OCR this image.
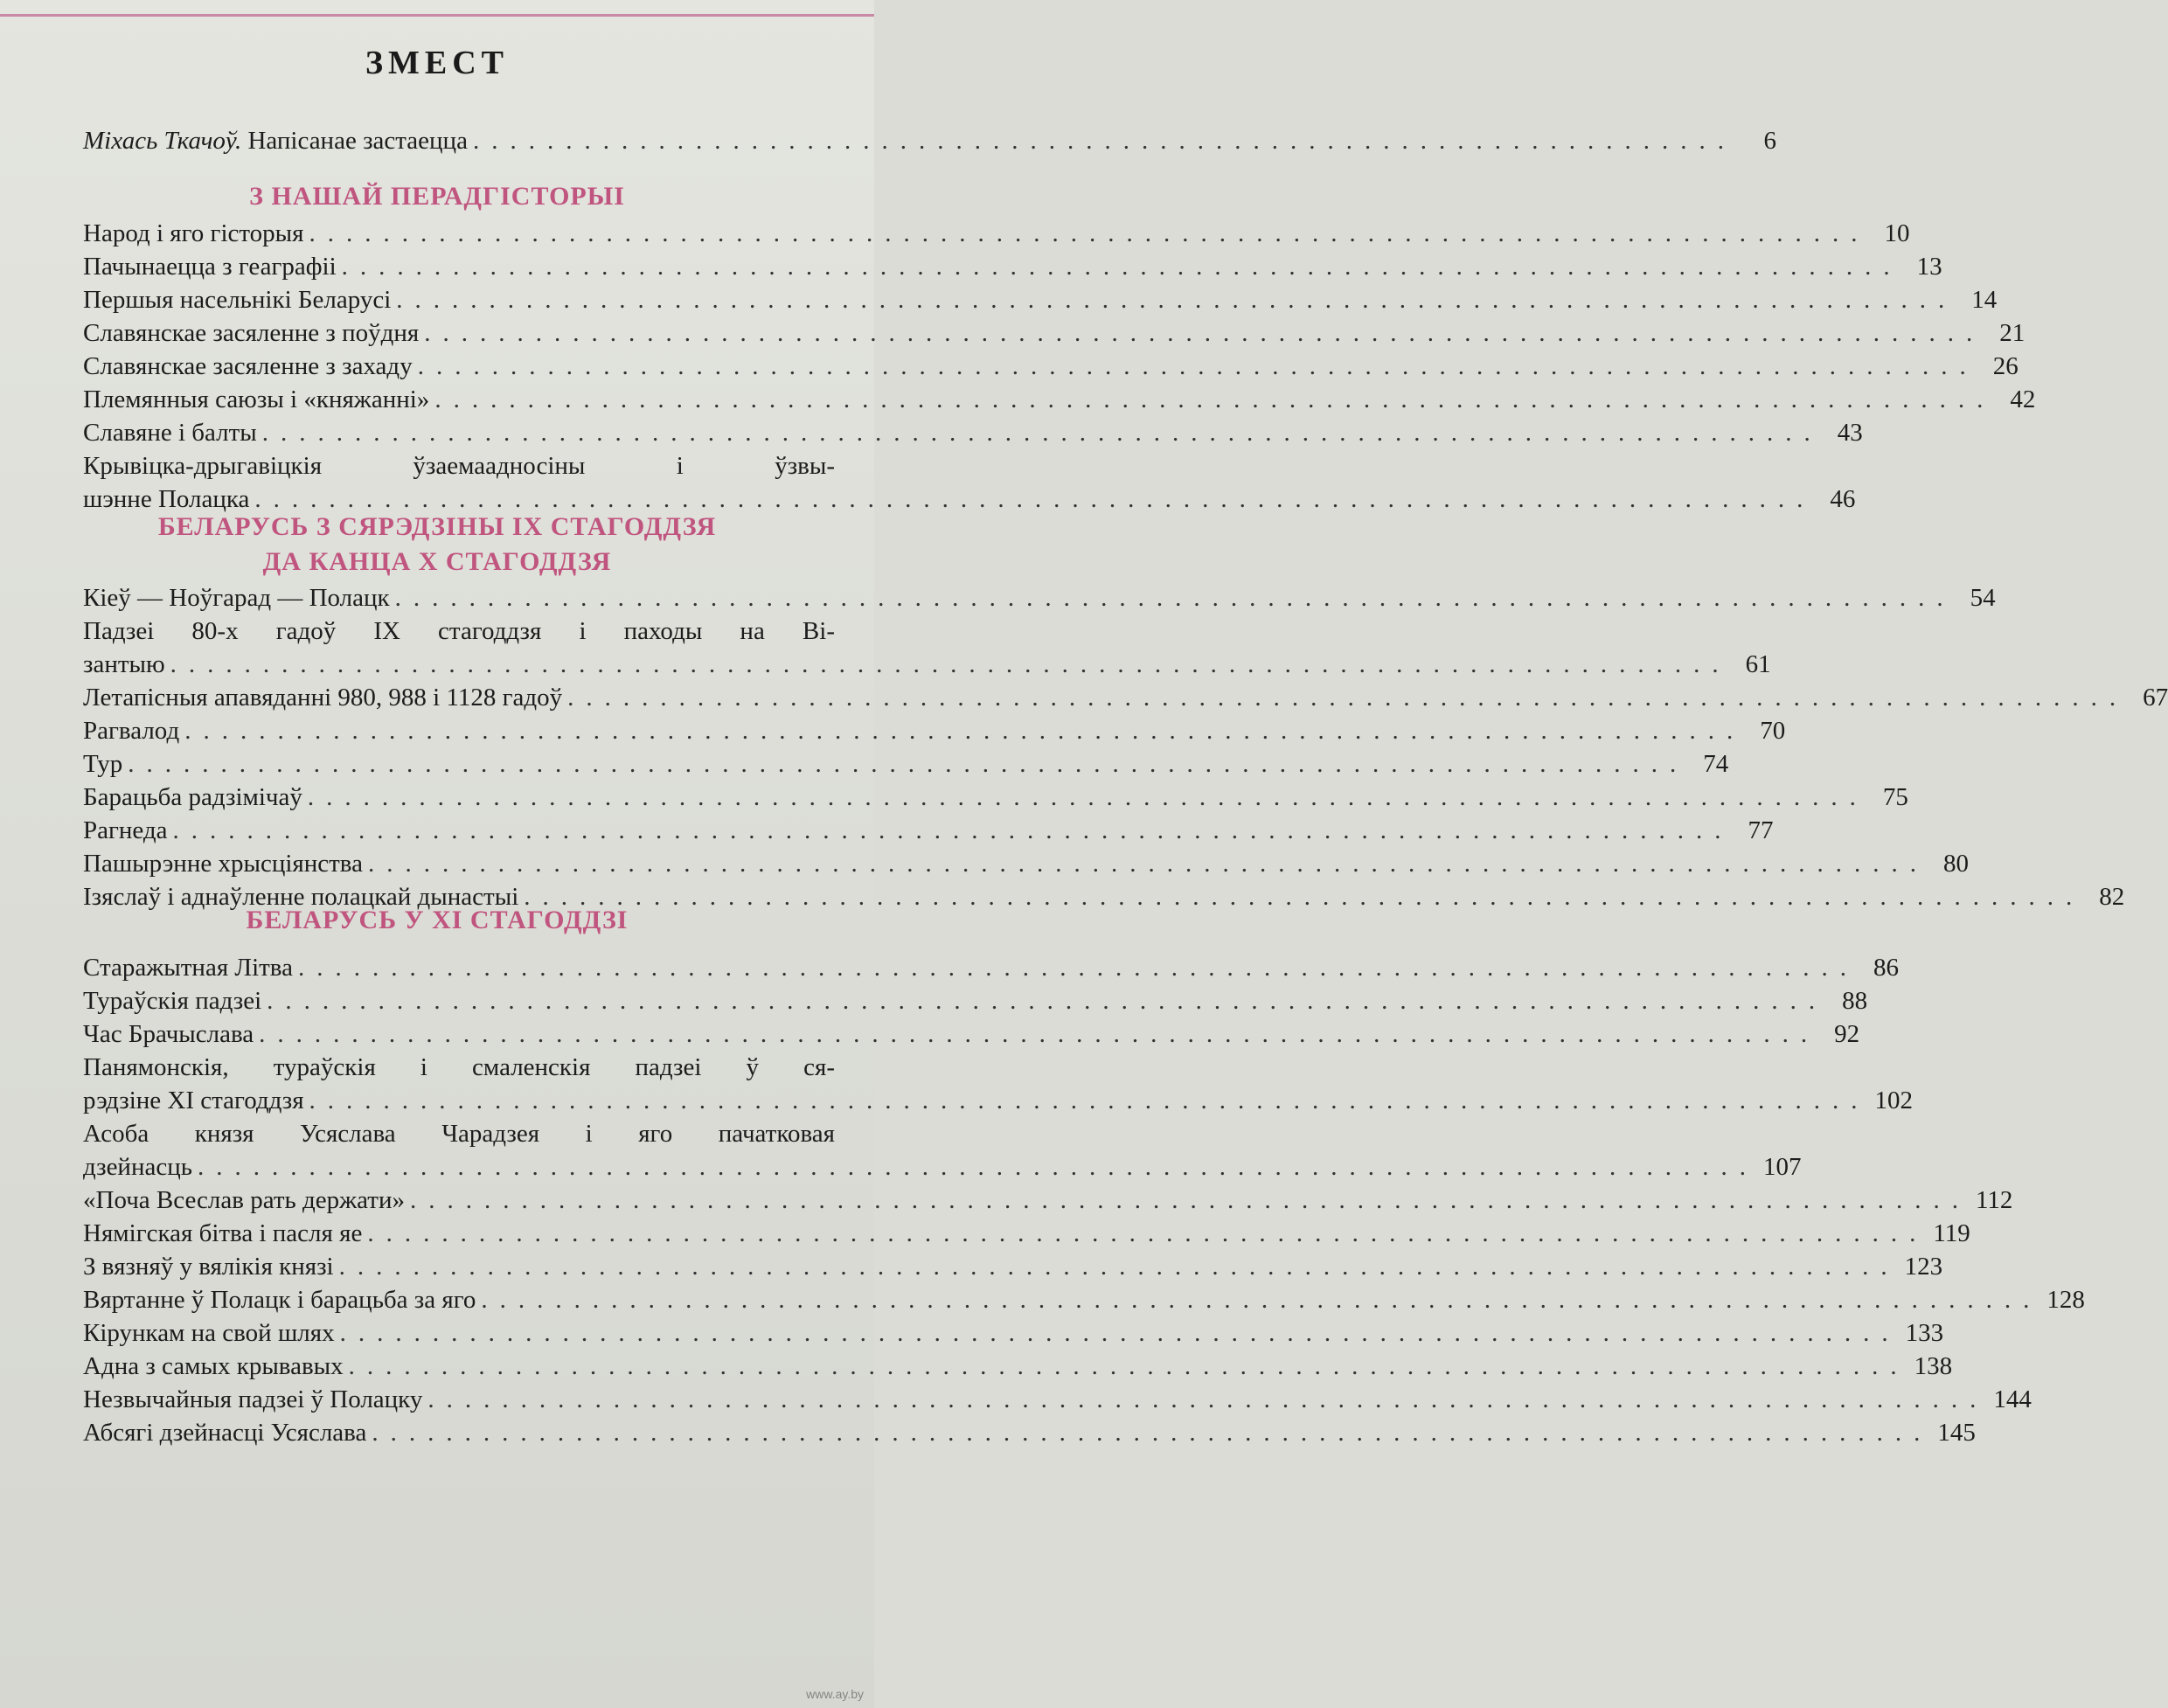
ЗМЕСТ
Міхась Ткачоў. Напісанае застаецца ....................................................................	6
З НАШАЙ ПЕРАДГІСТОРЫІ
Народ і яго гісторыя .................................................................................... 10
Пачынаецца з геаграфіі .................................................................................... 13
Першыя насельнікі Беларусі .................................................................................... 14
Славянскае засяленне з поўдня .................................................................................... 21
Славянскае засяленне з захаду .................................................................................... 26
Племянныя саюзы і «княжанні» .................................................................................... 42
Славяне і балты .................................................................................... 43
Крывіцка-дрыгавіцкія ўзаемаадносіны і ўзвы-
шэнне Полацка .................................................................................... 46
БЕЛАРУСЬ З СЯРЭДЗІНЫ IX СТАГОДДЗЯ
ДА КАНЦА X СТАГОДДЗЯ
Кіеў — Ноўгарад — Полацк .................................................................................... 54
Падзеі 80-х гадоў IX стагоддзя і паходы на Ві-
зантыю .................................................................................... 61
Летапісныя апавяданні 980, 988 і 1128 гадоў .................................................................................... 67
Рагвалод .................................................................................... 70
Тур .................................................................................... 74
Барацьба радзімічаў .................................................................................... 75
Рагнеда .................................................................................... 77
Пашырэнне хрысціянства .................................................................................... 80
Ізяслаў і аднаўленне полацкай дынастыі .................................................................................... 82
БЕЛАРУСЬ У XI СТАГОДДЗІ
Старажытная Літва .................................................................................... 86
Тураўскія падзеі .................................................................................... 88
Час Брачыслава .................................................................................... 92
Панямонскія, тураўскія і смаленскія падзеі ў ся-
рэдзіне XI стагоддзя .................................................................................... 102
Асоба князя Усяслава Чарадзея і яго пачатковая
дзейнасць .................................................................................... 107
«Поча Всеслав рать держати» .................................................................................... 112
Нямігская бітва і пасля яе .................................................................................... 119
З вязняў у вялікія князі .................................................................................... 123
Вяртанне ў Полацк і барацьба за яго .................................................................................... 128
Кірункам на свой шлях .................................................................................... 133
Адна з самых крывавых .................................................................................... 138
Незвычайныя падзеі ў Полацку .................................................................................... 144
Абсягі дзейнасці Усяслава .................................................................................... 145
www.ay.by
